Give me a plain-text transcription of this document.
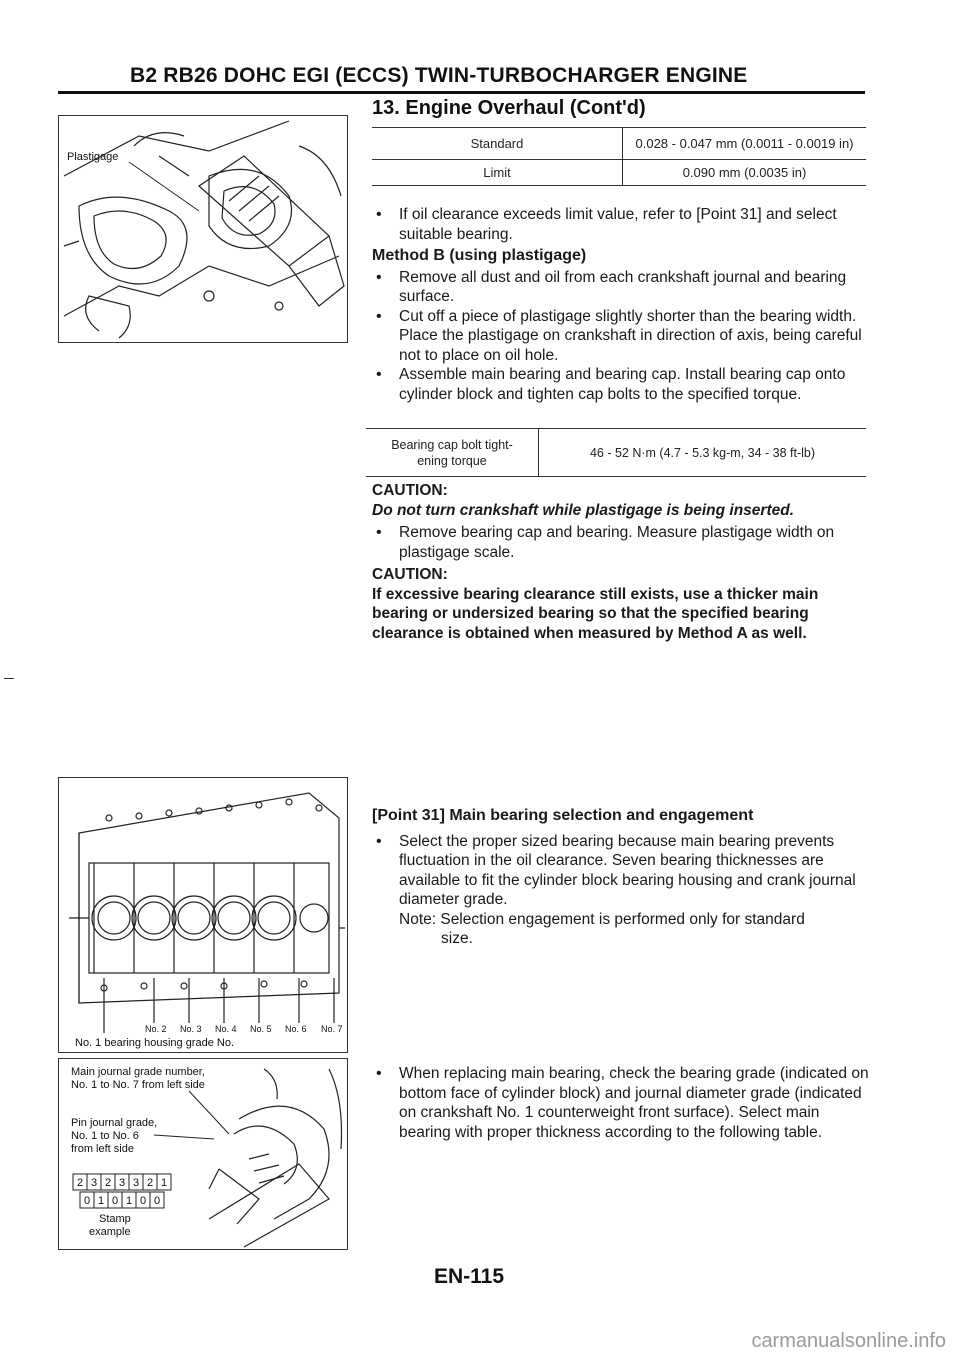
B2 RB26 DOHC EGI (ECCS) TWIN-TURBOCHARGER ENGINE
13. Engine Overhaul (Cont'd)
Plastigage
Standard	0.028 - 0.047 mm (0.0011 - 0.0019 in)
Limit	0.090 mm (0.0035 in)
• If oil clearance exceeds limit value, refer to [Point 31] and select suitable bearing.
Method B (using plastigage)
• Remove all dust and oil from each crankshaft journal and bearing surface.
• Cut off a piece of plastigage slightly shorter than the bearing width. Place the plastigage on crankshaft in direction of axis, being careful not to place on oil hole.
• Assemble main bearing and bearing cap. Install bearing cap onto cylinder block and tighten cap bolts to the specified torque.
Bearing cap bolt tight-
ening torque
	46 - 52 N·m (4.7 - 5.3 kg-m, 34 - 38 ft-lb)
CAUTION:
Do not turn crankshaft while plastigage is being inserted.
• Remove bearing cap and bearing. Measure plastigage width on plastigage scale.
CAUTION:
If excessive bearing clearance still exists, use a thicker main bearing or undersized bearing so that the specified bearing clearance is obtained when measured by Method A as well.
No. 2 No. 3 No. 4 No. 5 No. 6 No. 7
No. 1 bearing housing grade No.
Main journal grade number,
No. 1 to No. 7 from left side
Pin journal grade,
No. 1 to No. 6
from left side
2 3 2 3 3 2 1
0 1 0 1 0 0
Stamp
example
[Point 31] Main bearing selection and engagement
• Select the proper sized bearing because main bearing prevents fluctuation in the oil clearance. Seven bearing thicknesses are available to fit the cylinder block bearing housing and crank journal diameter grade.
Note: Selection engagement is performed only for standard
size.
• When replacing main bearing, check the bearing grade (indicated on bottom face of cylinder block) and journal diameter grade (indicated on crankshaft No. 1 counterweight front surface). Select main bearing with proper thickness according to the following table.
EN-115
carmanualsonline.info
